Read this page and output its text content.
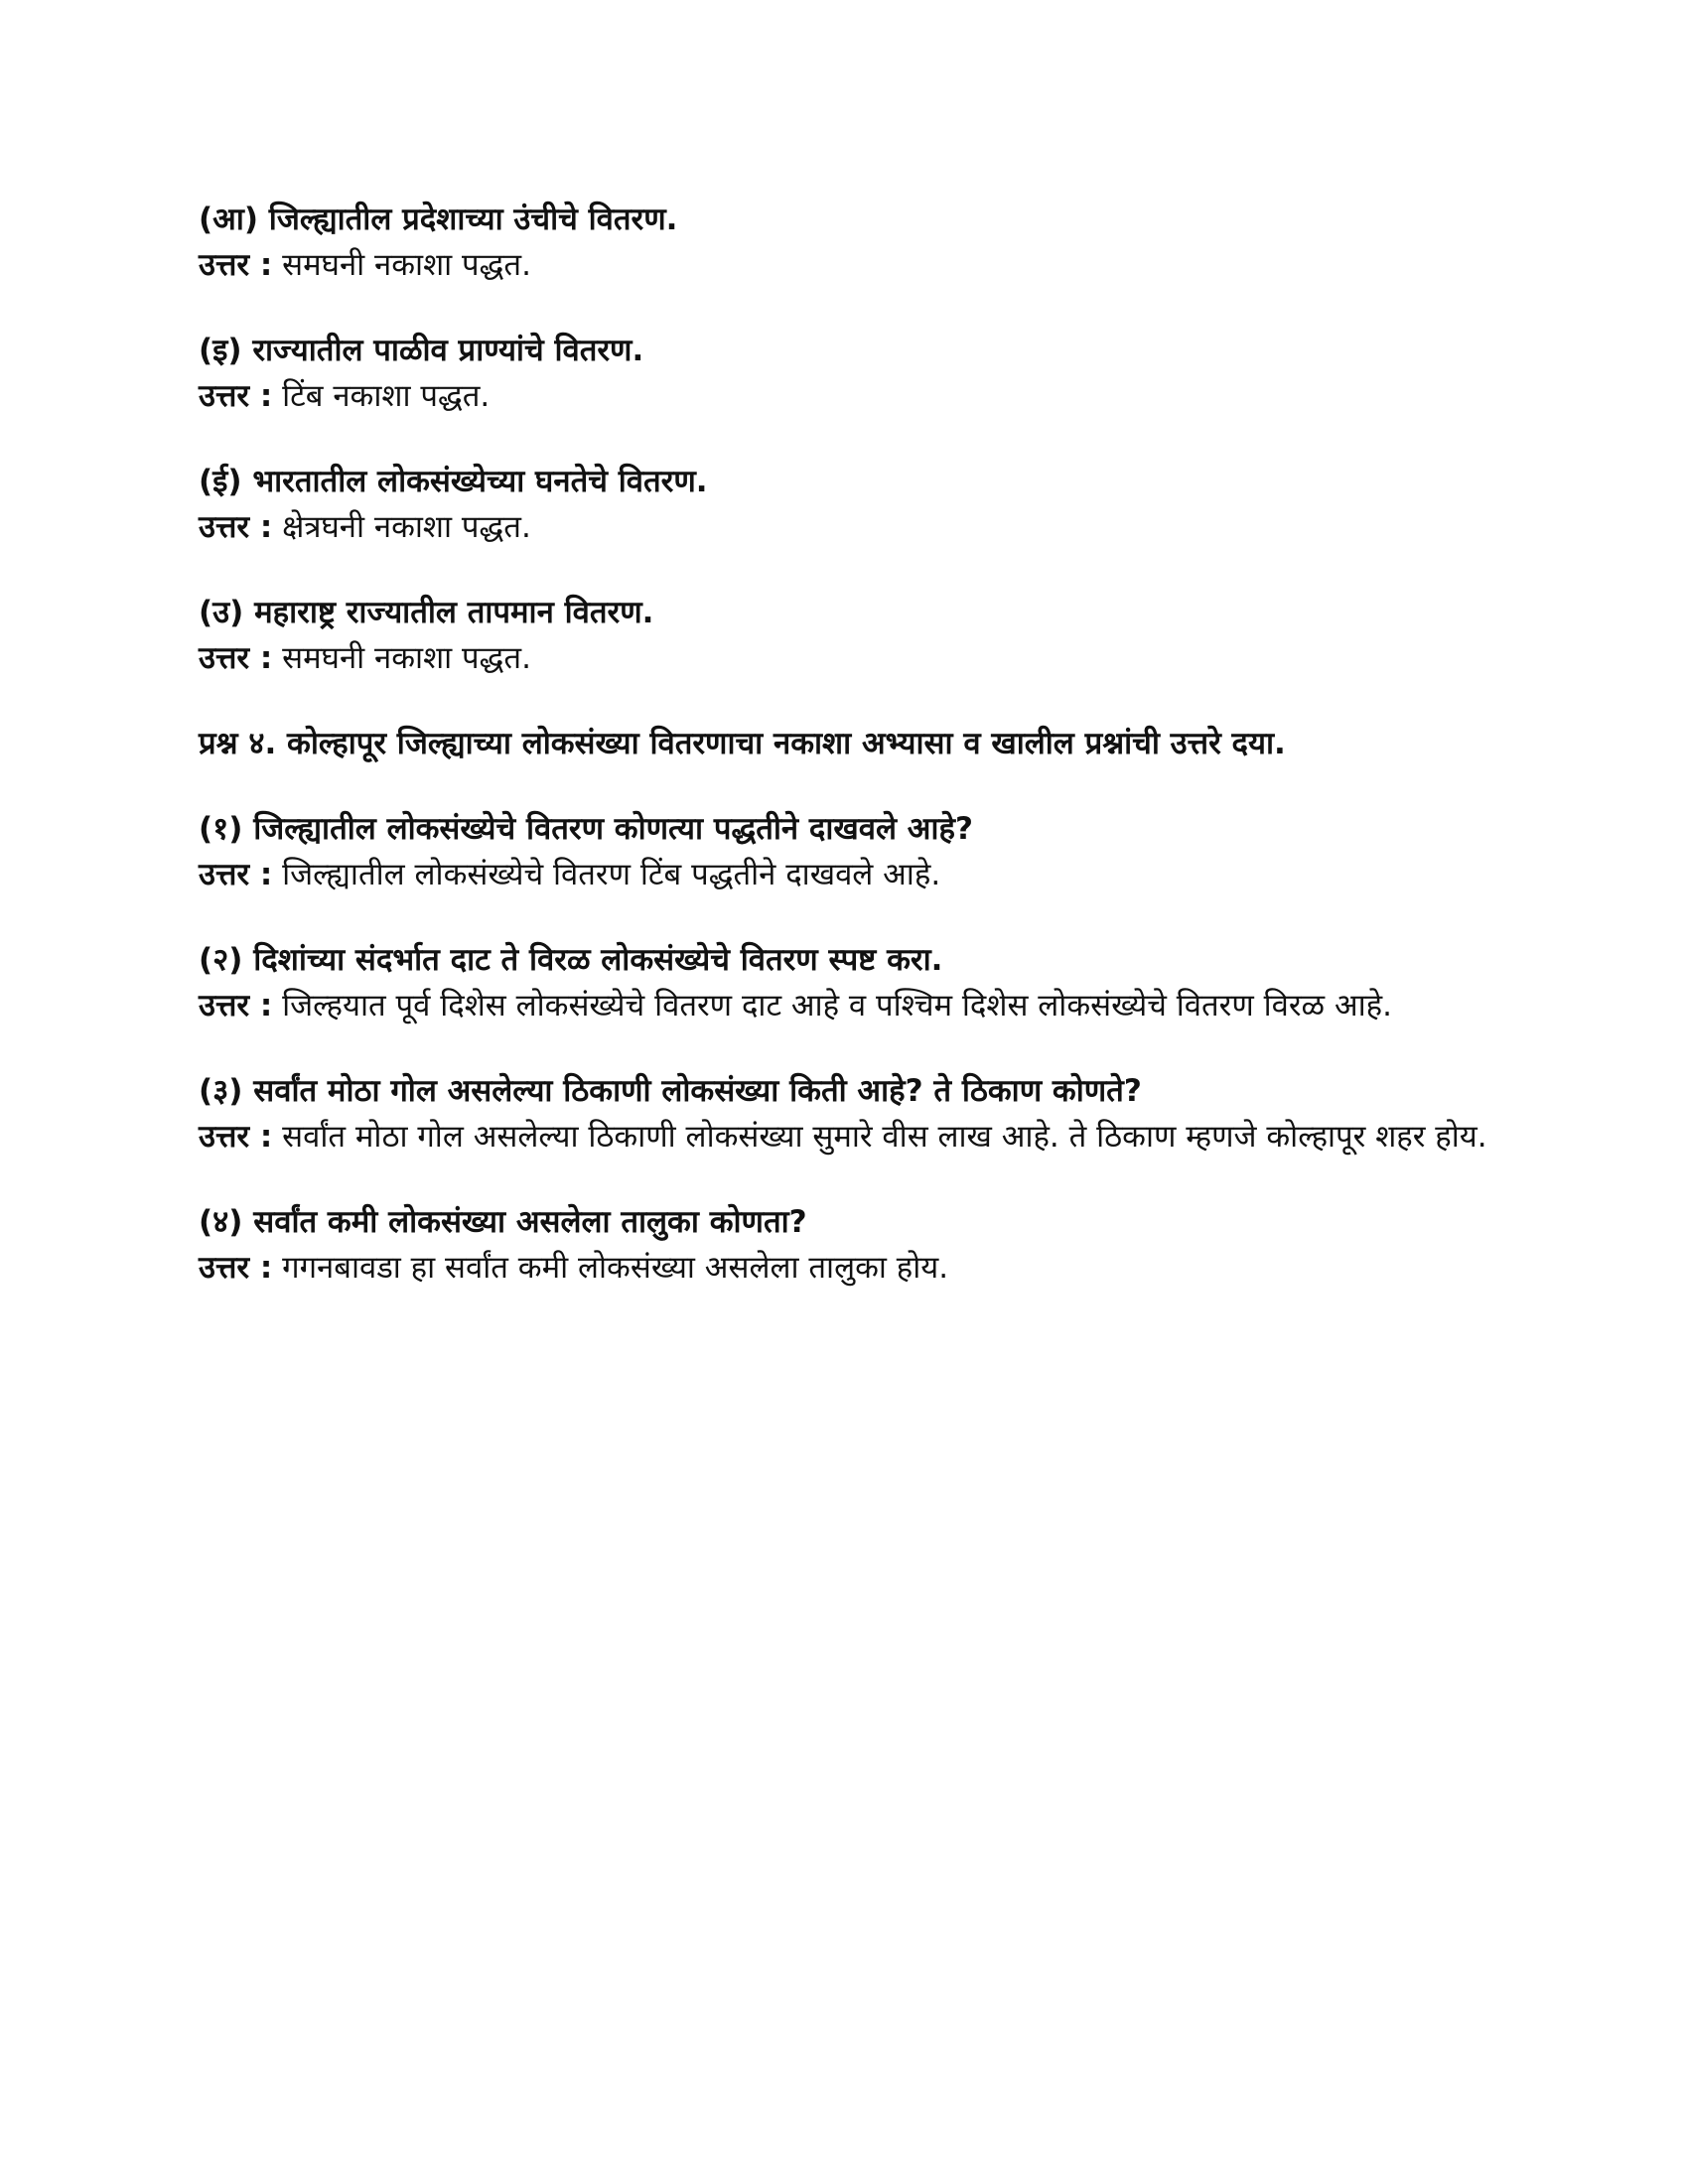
(आ) जिल्ह्यातील प्रदेशाच्या उंचीचे वितरण.

उत्तर : समघनी नकाशा पद्धत.

(इ) राज्यातील पाळीव प्राण्यांचे वितरण.

उत्तर : टिंब नकाशा पद्धत.

(ई) भारतातील लोकसंख्येच्या घनतेचे वितरण.

उत्तर : क्षेत्रघनी नकाशा पद्धत.

(उ) महाराष्ट्र राज्यातील तापमान वितरण.

उत्तर : समघनी नकाशा पद्धत.

प्रश्न ४. कोल्हापूर जिल्ह्याच्या लोकसंख्या वितरणाचा नकाशा अभ्यासा व खालील प्रश्नांची उत्तरे दया.

(१) जिल्ह्यातील लोकसंख्येचे वितरण कोणत्या पद्धतीने दाखवले आहे?

उत्तर : जिल्ह्यातील लोकसंख्येचे वितरण टिंब पद्धतीने दाखवले आहे.

(२) दिशांच्या संदर्भात दाट ते विरळ लोकसंख्येचे वितरण स्पष्ट करा.

उत्तर : जिल्हयात पूर्व दिशेस लोकसंख्येचे वितरण दाट आहे व पश्चिम दिशेस लोकसंख्येचे वितरण विरळ आहे.

(३) सर्वांत मोठा गोल असलेल्या ठिकाणी लोकसंख्या किती आहे? ते ठिकाण कोणते?

उत्तर : सर्वांत मोठा गोल असलेल्या ठिकाणी लोकसंख्या सुमारे वीस लाख आहे. ते ठिकाण म्हणजे कोल्हापूर शहर होय.

(४) सर्वांत कमी लोकसंख्या असलेला तालुका कोणता?

उत्तर : गगनबावडा हा सर्वांत कमी लोकसंख्या असलेला तालुका होय.
